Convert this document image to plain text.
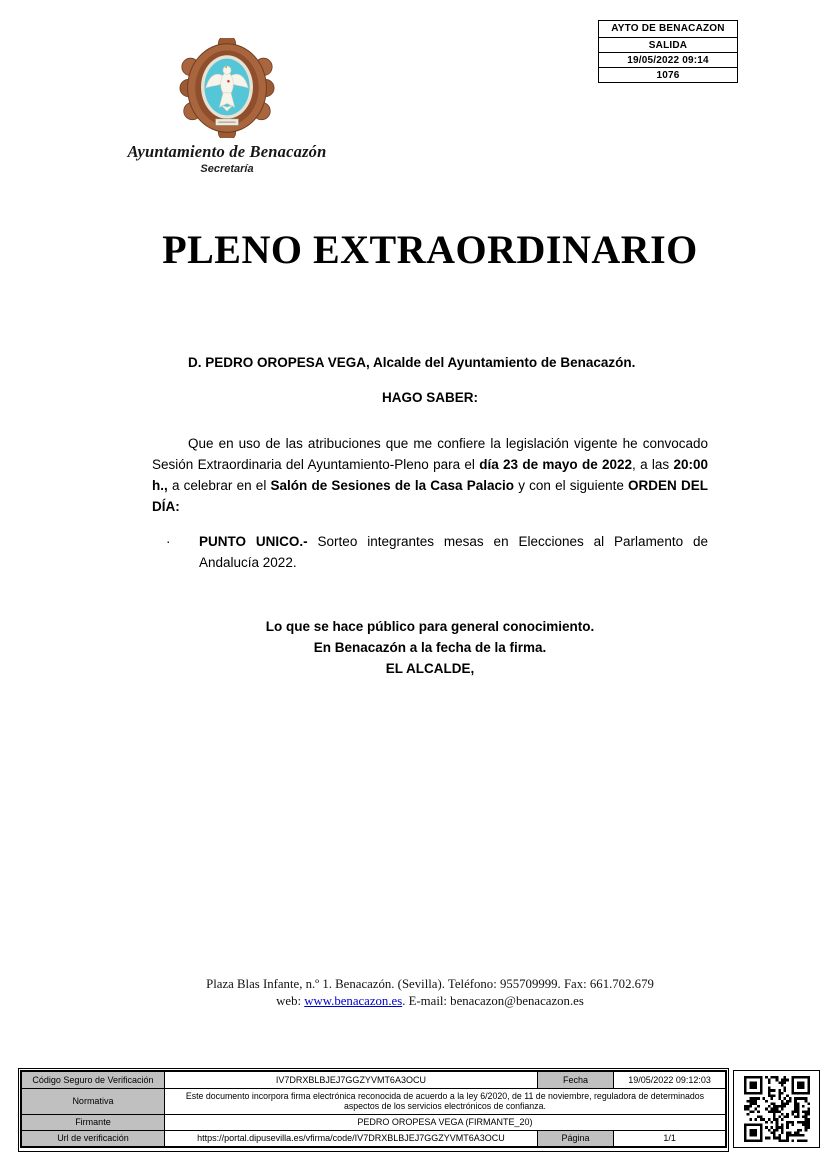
AYTO DE BENACAZON
SALIDA
19/05/2022 09:14
1076
Ayuntamiento de Benacazón
Secretaría
PLENO EXTRAORDINARIO
D. PEDRO OROPESA VEGA, Alcalde del Ayuntamiento de Benacazón.
HAGO SABER:
Que en uso de las atribuciones que me confiere la legislación vigente he convocado Sesión Extraordinaria del Ayuntamiento-Pleno para el día 23 de mayo de 2022, a las 20:00 h., a celebrar en el Salón de Sesiones de la Casa Palacio y con el siguiente ORDEN DEL DÍA:
·	PUNTO UNICO.- Sorteo integrantes mesas en Elecciones al Parlamento de Andalucía 2022.
Lo que se hace público para general conocimiento.
En Benacazón a la fecha de la firma.
EL ALCALDE,
Plaza Blas Infante, n.º 1. Benacazón. (Sevilla). Teléfono: 955709999. Fax: 661.702.679
web: www.benacazon.es. E-mail: benacazon@benacazon.es
Código Seguro de Verificación	IV7DRXBLBJEJ7GGZYVMT6A3OCU	Fecha	19/05/2022 09:12:03
Normativa	Este documento incorpora firma electrónica reconocida de acuerdo a la ley 6/2020, de 11 de noviembre, reguladora de determinados aspectos de los servicios electrónicos de confianza.		
Firmante	PEDRO OROPESA VEGA (FIRMANTE_20)		
Url de verificación	https://portal.dipusevilla.es/vfirma/code/IV7DRXBLBJEJ7GGZYVMT6A3OCU	Página	1/1
